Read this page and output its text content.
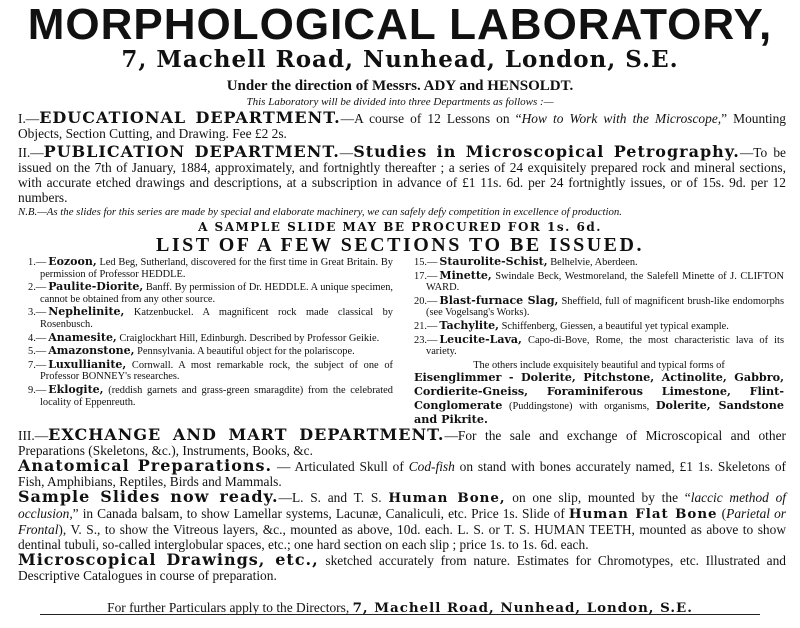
MORPHOLOGICAL LABORATORY,
7, Machell Road, Nunhead, London, S.E.
Under the direction of Messrs. ADY and HENSOLDT.
This Laboratory will be divided into three Departments as follows :—
I.—EDUCATIONAL DEPARTMENT.—A course of 12 Lessons on “How to Work with the Microscope,” Mounting Objects, Section Cutting, and Drawing. Fee £2 2s.
II.—PUBLICATION DEPARTMENT.—Studies in Microscopical Petrography.—To be issued on the 7th of January, 1884, approximately, and fortnightly thereafter ; a series of 24 exquisitely prepared rock and mineral sections, with accurate etched drawings and descriptions, at a subscription in advance of £1 11s. 6d. per 24 fortnightly issues, or of 15s. 9d. per 12 numbers.
N.B.—As the slides for this series are made by special and elaborate machinery, we can safely defy competition in excellence of production.
A SAMPLE SLIDE MAY BE PROCURED FOR 1s. 6d.
LIST OF A FEW SECTIONS TO BE ISSUED.
1.— Eozoon, Led Beg, Sutherland, discovered for the first time in Great Britain. By permission of Professor HEDDLE.
2.— Paulite-Diorite, Banff. By permission of Dr. HEDDLE. A unique specimen, cannot be obtained from any other source.
3.— Nephelinite, Katzenbuckel. A magnificent rock made classical by Rosenbusch.
4.— Anamesite, Craiglockhart Hill, Edinburgh. Described by Professor Geikie.
5.— Amazonstone, Pennsylvania. A beautiful object for the polariscope.
7.— Luxullianite, Cornwall. A most remarkable rock, the subject of one of Professor BONNEY's researches.
9.— Eklogite, (reddish garnets and grass-green smaragdite) from the celebrated locality of Eppenreuth.
15.— Staurolite-Schist, Belhelvie, Aberdeen.
17.— Minette, Swindale Beck, Westmoreland, the Salefell Minette of J. CLIFTON WARD.
20.— Blast-furnace Slag, Sheffield, full of magnificent brush-like endomorphs (see Vogelsang's Works).
21.— Tachylite, Schiffenberg, Giessen, a beautiful yet typical example.
23.— Leucite-Lava, Capo-di-Bove, Rome, the most characteristic lava of its variety.
The others include exquisitely beautiful and typical forms of
Eisenglimmer - Dolerite, Pitchstone, Actinolite, Gabbro, Cordierite-Gneiss, Foraminiferous Limestone, Flint-Conglomerate (Puddingstone) with organisms, Dolerite, Sandstone and Pikrite.
III.—EXCHANGE AND MART DEPARTMENT.—For the sale and exchange of Microscopical and other Preparations (Skeletons, &c.), Instruments, Books, &c.
Anatomical Preparations. — Articulated Skull of Cod-fish on stand with bones accurately named, £1 1s. Skeletons of Fish, Amphibians, Reptiles, Birds and Mammals.
Sample Slides now ready.—L. S. and T. S. Human Bone, on one slip, mounted by the “laccic method of occlusion,” in Canada balsam, to show Lamellar systems, Lacunæ, Canaliculi, etc. Price 1s. Slide of Human Flat Bone (Parietal or Frontal), V. S., to show the Vitreous layers, &c., mounted as above, 10d. each. L. S. or T. S. HUMAN TEETH, mounted as above to show dentinal tubuli, so-called interglobular spaces, etc.; one hard section on each slip ; price 1s. to 1s. 6d. each.
Microscopical Drawings, etc., sketched accurately from nature. Estimates for Chromotypes, etc. Illustrated and Descriptive Catalogues in course of preparation.
For further Particulars apply to the Directors, 7, Machell Road, Nunhead, London, S.E.
